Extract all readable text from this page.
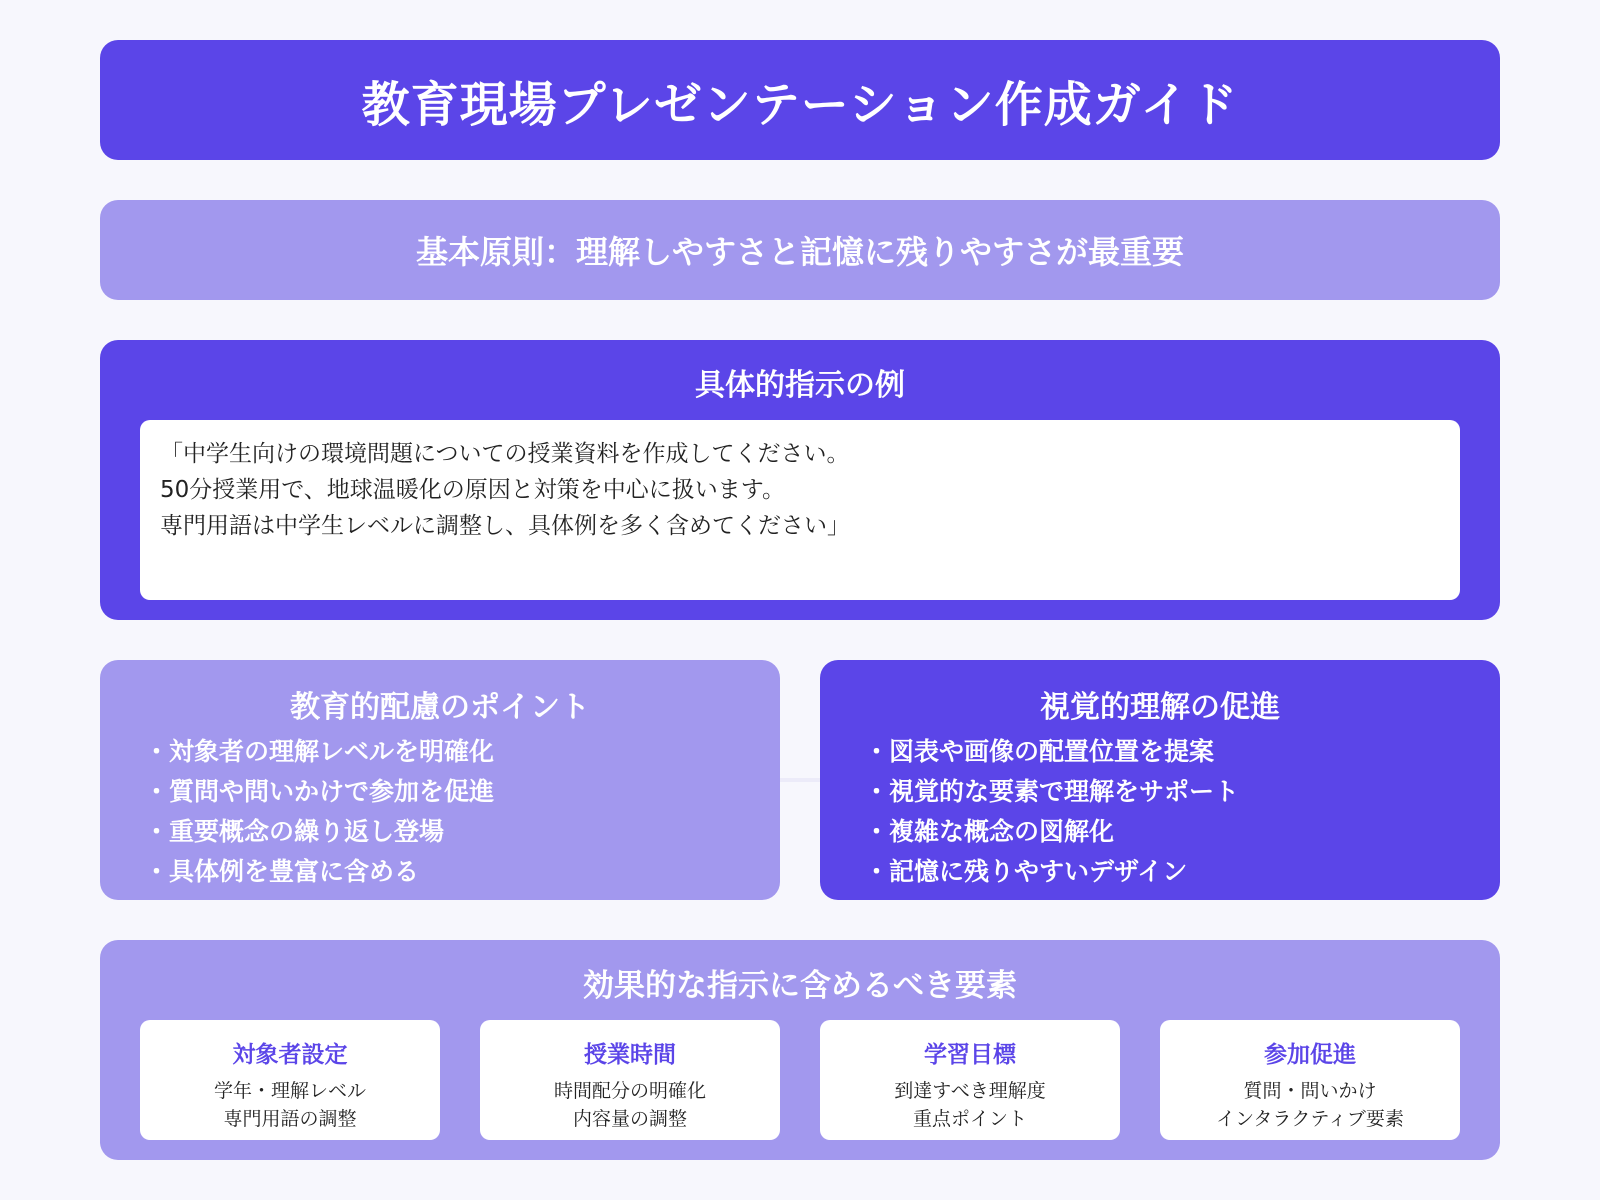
教育現場プレゼンテーション作成ガイド
基本原則：理解しやすさと記憶に残りやすさが最重要
具体的指示の例
「中学生向けの環境問題についての授業資料を作成してください。
50分授業用で、地球温暖化の原因と対策を中心に扱います。
専門用語は中学生レベルに調整し、具体例を多く含めてください」
教育的配慮のポイント
・対象者の理解レベルを明確化
・質問や問いかけで参加を促進
・重要概念の繰り返し登場
・具体例を豊富に含める
視覚的理解の促進
・図表や画像の配置位置を提案
・視覚的な要素で理解をサポート
・複雑な概念の図解化
・記憶に残りやすいデザイン
効果的な指示に含めるべき要素
対象者設定
学年・理解レベル
専門用語の調整
授業時間
時間配分の明確化
内容量の調整
学習目標
到達すべき理解度
重点ポイント
参加促進
質問・問いかけ
インタラクティブ要素
